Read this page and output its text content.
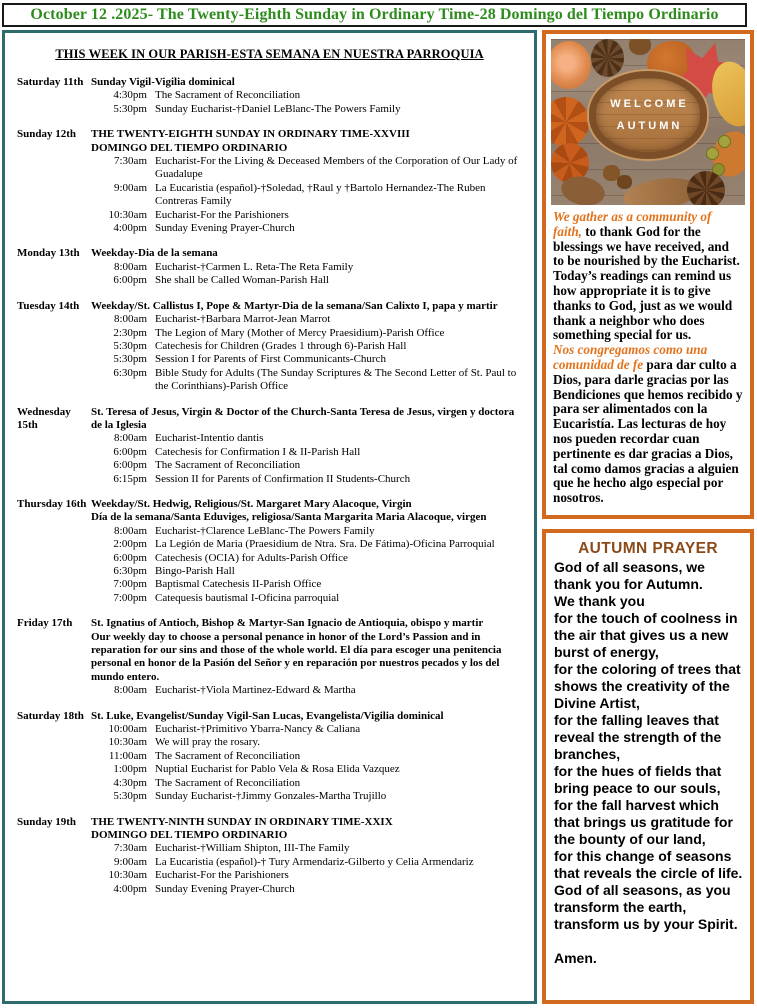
October 12 .2025- The Twenty-Eighth Sunday in Ordinary Time-28 Domingo del Tiempo Ordinario
THIS WEEK IN OUR PARISH-ESTA SEMANA EN NUESTRA PARROQUIA
Saturday 11th Sunday Vigil-Vigilia dominical
4:30pm The Sacrament of Reconciliation
5:30pm Sunday Eucharist-†Daniel LeBlanc-The Powers Family
Sunday 12th	THE TWENTY-EIGHTH SUNDAY IN ORDINARY TIME-XXVIII
DOMINGO DEL TIEMPO ORDINARIO
7:30am Eucharist-For the Living & Deceased Members of the Corporation of Our Lady of Guadalupe
9:00am La Eucaristia (español)-†Soledad, †Raul y †Bartolo Hernandez-The Ruben Contreras Family
10:30am Eucharist-For the Parishioners
4:00pm Sunday Evening Prayer-Church
Monday 13th	Weekday-Dia de la semana
8:00am Eucharist-†Carmen L. Reta-The Reta Family
6:00pm She shall be Called Woman-Parish Hall
Tuesday 14th	Weekday/St. Callistus I, Pope & Martyr-Dia de la semana/San Calixto I, papa y martir
8:00am Eucharist-†Barbara Marrot-Jean Marrot
2:30pm The Legion of Mary (Mother of Mercy Praesidium)-Parish Office
5:30pm Catechesis for Children (Grades 1 through 6)-Parish Hall
5:30pm Session I for Parents of First Communicants-Church
6:30pm Bible Study for Adults (The Sunday Scriptures & The Second Letter of St. Paul to the Corinthians)-Parish Office
Wednesday 15th
St. Teresa of Jesus, Virgin & Doctor of the Church-Santa Teresa de Jesus, virgen y doctora de la Iglesia
8:00am Eucharist-Intentio dantis
6:00pm Catechesis for Confirmation I & II-Parish Hall
6:00pm The Sacrament of Reconciliation
6:15pm Session II for Parents of Confirmation II Students-Church
Thursday 16th Weekday/St. Hedwig, Religious/St. Margaret Mary Alacoque, Virgin
Día de la semana/Santa Eduviges, religiosa/Santa Margarita Maria Alacoque, virgen
8:00am Eucharist-†Clarence LeBlanc-The Powers Family
2:00pm La Legión de Maria (Praesidium de Ntra. Sra. De Fátima)-Oficina Parroquial
6:00pm Catechesis (OCIA) for Adults-Parish Office
6:30pm Bingo-Parish Hall
7:00pm Baptismal Catechesis II-Parish Office
7:00pm Catequesis bautismal I-Oficina parroquial
Friday 17th	St. Ignatius of Antioch, Bishop & Martyr-San Ignacio de Antioquia, obispo y martir
Our weekly day to choose a personal penance in honor of the Lord’s Passion and in reparation for our sins and those of the whole world. El día para escoger una penitencia personal en honor de la Pasión del Señor y en reparación por nuestros pecados y los del mundo entero.
8:00am Eucharist-†Viola Martinez-Edward & Martha
Saturday 18th St. Luke, Evangelist/Sunday Vigil-San Lucas, Evangelista/Vigilia dominical
10:00am Eucharist-†Primitivo Ybarra-Nancy & Caliana
10:30am We will pray the rosary.
11:00am The Sacrament of Reconciliation
1:00pm Nuptial Eucharist for Pablo Vela & Rosa Elida Vazquez
4:30pm The Sacrament of Reconciliation
5:30pm Sunday Eucharist-†Jimmy Gonzales-Martha Trujillo
Sunday 19th	THE TWENTY-NINTH SUNDAY IN ORDINARY TIME-XXIX
DOMINGO DEL TIEMPO ORDINARIO
7:30am Eucharist-†William Shipton, III-The Family
9:00am La Eucaristia (español)-† Tury Armendariz-Gilberto y Celia Armendariz
10:30am Eucharist-For the Parishioners
4:00pm Sunday Evening Prayer-Church
WELCOME
AUTUMN

We gather as a community of faith, to thank God for the blessings we have received, and to be nourished by the Eucharist. Today’s readings can remind us how appropriate it is to give thanks to God, just as we would thank a neighbor who does something special for us.

Nos congregamos como una comunidad de fe para dar culto a Dios, para darle gracias por las Bendiciones que hemos recibido y para ser alimentados con la Eucaristía. Las lecturas de hoy nos pueden recordar cuan pertinente es dar gracias a Dios, tal como damos gracias a alguien que he hecho algo especial por nosotros.

AUTUMN PRAYER
God of all seasons, we thank you for Autumn.
We thank you
for the touch of coolness in the air that gives us a new burst of energy,
for the coloring of trees that shows the creativity of the Divine Artist,
for the falling leaves that reveal the strength of the branches,
for the hues of fields that bring peace to our souls,
for the fall harvest which that brings us gratitude for the bounty of our land,
for this change of seasons that reveals the circle of life.
God of all seasons, as you transform the earth,
transform us by your Spirit.
Amen.
